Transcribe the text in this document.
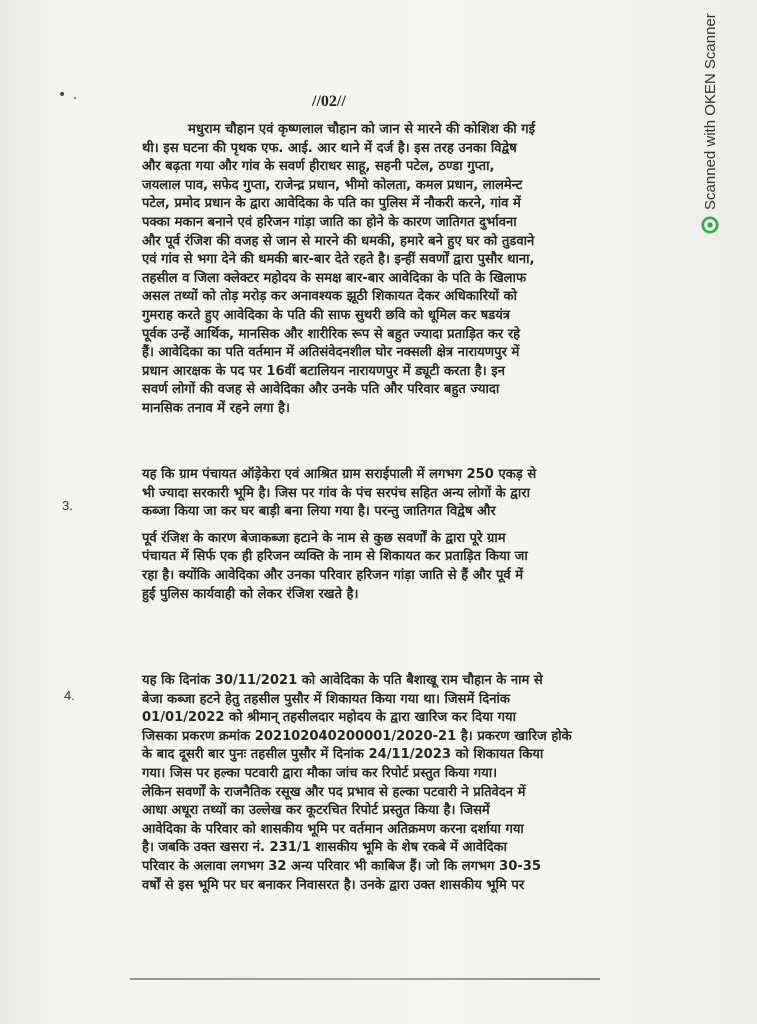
Scanned with OKEN Scanner
• .	//02//
मधुराम चौहान एवं कृष्णलाल चौहान को जान से मारने की कोशिश की गई
थी। इस घटना की पृथक एफ. आई. आर थाने में दर्ज है। इस तरह उनका विद्वेष
और बढ़ता गया और गांव के सवर्ण हीराधर साहू, सहनी पटेल, ठण्डा गुप्ता,
जयलाल पाव, सफेद गुप्ता, राजेन्द्र प्रधान, भीमो कोलता, कमल प्रधान, लालमेन्ट
पटेल, प्रमोद प्रधान के द्वारा आवेदिका के पति का पुलिस में नौकरी करने, गांव में
पक्का मकान बनाने एवं हरिजन गांड़ा जाति का होने के कारण जातिगत दुर्भावना
और पूर्व रंजिश की वजह से जान से मारने की धमकी, हमारे बने हुए घर को तुडवाने
एवं गांव से भगा देने की धमकी बार-बार देते रहते है। इन्हीं सवर्णों द्वारा पुसौर थाना,
तहसील व जिला क्लेक्टर महोदय के समक्ष बार-बार आवेदिका के पति के खिलाफ
असल तथ्यों को तोड़ मरोड़ कर अनावश्यक झूठी शिकायत देकर अधिकारियों को
गुमराह करते हुए आवेदिका के पति की साफ सुथरी छवि को धूमिल कर षडयंत्र
पूर्वक उन्हें आर्थिक, मानसिक और शारीरिक रूप से बहुत ज्यादा प्रताड़ित कर रहे
हैं। आवेदिका का पति वर्तमान में अतिसंवेदनशील घोर नक्सली क्षेत्र नारायणपुर में
प्रधान आरक्षक के पद पर 16वीं बटालियन नारायणपुर में ड्यूटी करता है। इन
सवर्ण लोगों की वजह से आवेदिका और उनके पति और परिवार बहुत ज्यादा
मानसिक तनाव में रहने लगा है।
3.
यह कि ग्राम पंचायत ऑड़ेकेरा एवं आश्रित ग्राम सराईपाली में लगभग 250 एकड़ से
भी ज्यादा सरकारी भूमि है। जिस पर गांव के पंच सरपंच सहित अन्य लोगों के द्वारा
कब्जा किया जा कर घर बाड़ी बना लिया गया है। परन्तु जातिगत विद्वेष और
पूर्व रंजिश के कारण बेजाकब्जा हटाने के नाम से कुछ सवर्णों के द्वारा पूरे ग्राम
पंचायत में सिर्फ एक ही हरिजन व्यक्ति के नाम से शिकायत कर प्रताड़ित किया जा
रहा है। क्योंकि आवेदिका और उनका परिवार हरिजन गांड़ा जाति से हैं और पूर्व में
हुई पुलिस कार्यवाही को लेकर रंजिश रखते है।
4.
यह कि दिनांक 30/11/2021 को आवेदिका के पति बैशाखू राम चौहान के नाम से
बेजा कब्जा हटने हेतु तहसील पुसौर में शिकायत किया गया था। जिसमें दिनांक
01/01/2022 को श्रीमान् तहसीलदार महोदय के द्वारा खारिज कर दिया गया
जिसका प्रकरण क्रमांक 202102040200001/2020-21 है। प्रकरण खारिज होके
के बाद दूसरी बार पुनः तहसील पुसौर में दिनांक 24/11/2023 को शिकायत किया
गया। जिस पर हल्का पटवारी द्वारा मौका जांच कर रिपोर्ट प्रस्तुत किया गया।
लेकिन सवर्णों के राजनैतिक रसूख और पद प्रभाव से हल्का पटवारी ने प्रतिवेदन में
आधा अधूरा तथ्यों का उल्लेख कर कूटरचित रिपोर्ट प्रस्तुत किया है। जिसमें
आवेदिका के परिवार को शासकीय भूमि पर वर्तमान अतिक्रमण करना दर्शाया गया
है। जबकि उक्त खसरा नं. 231/1 शासकीय भूमि के शेष रकबे में आवेदिका
परिवार के अलावा लगभग 32 अन्य परिवार भी काबिज हैं। जो कि लगभग 30-35
वर्षों से इस भूमि पर घर बनाकर निवासरत है। उनके द्वारा उक्त शासकीय भूमि पर
